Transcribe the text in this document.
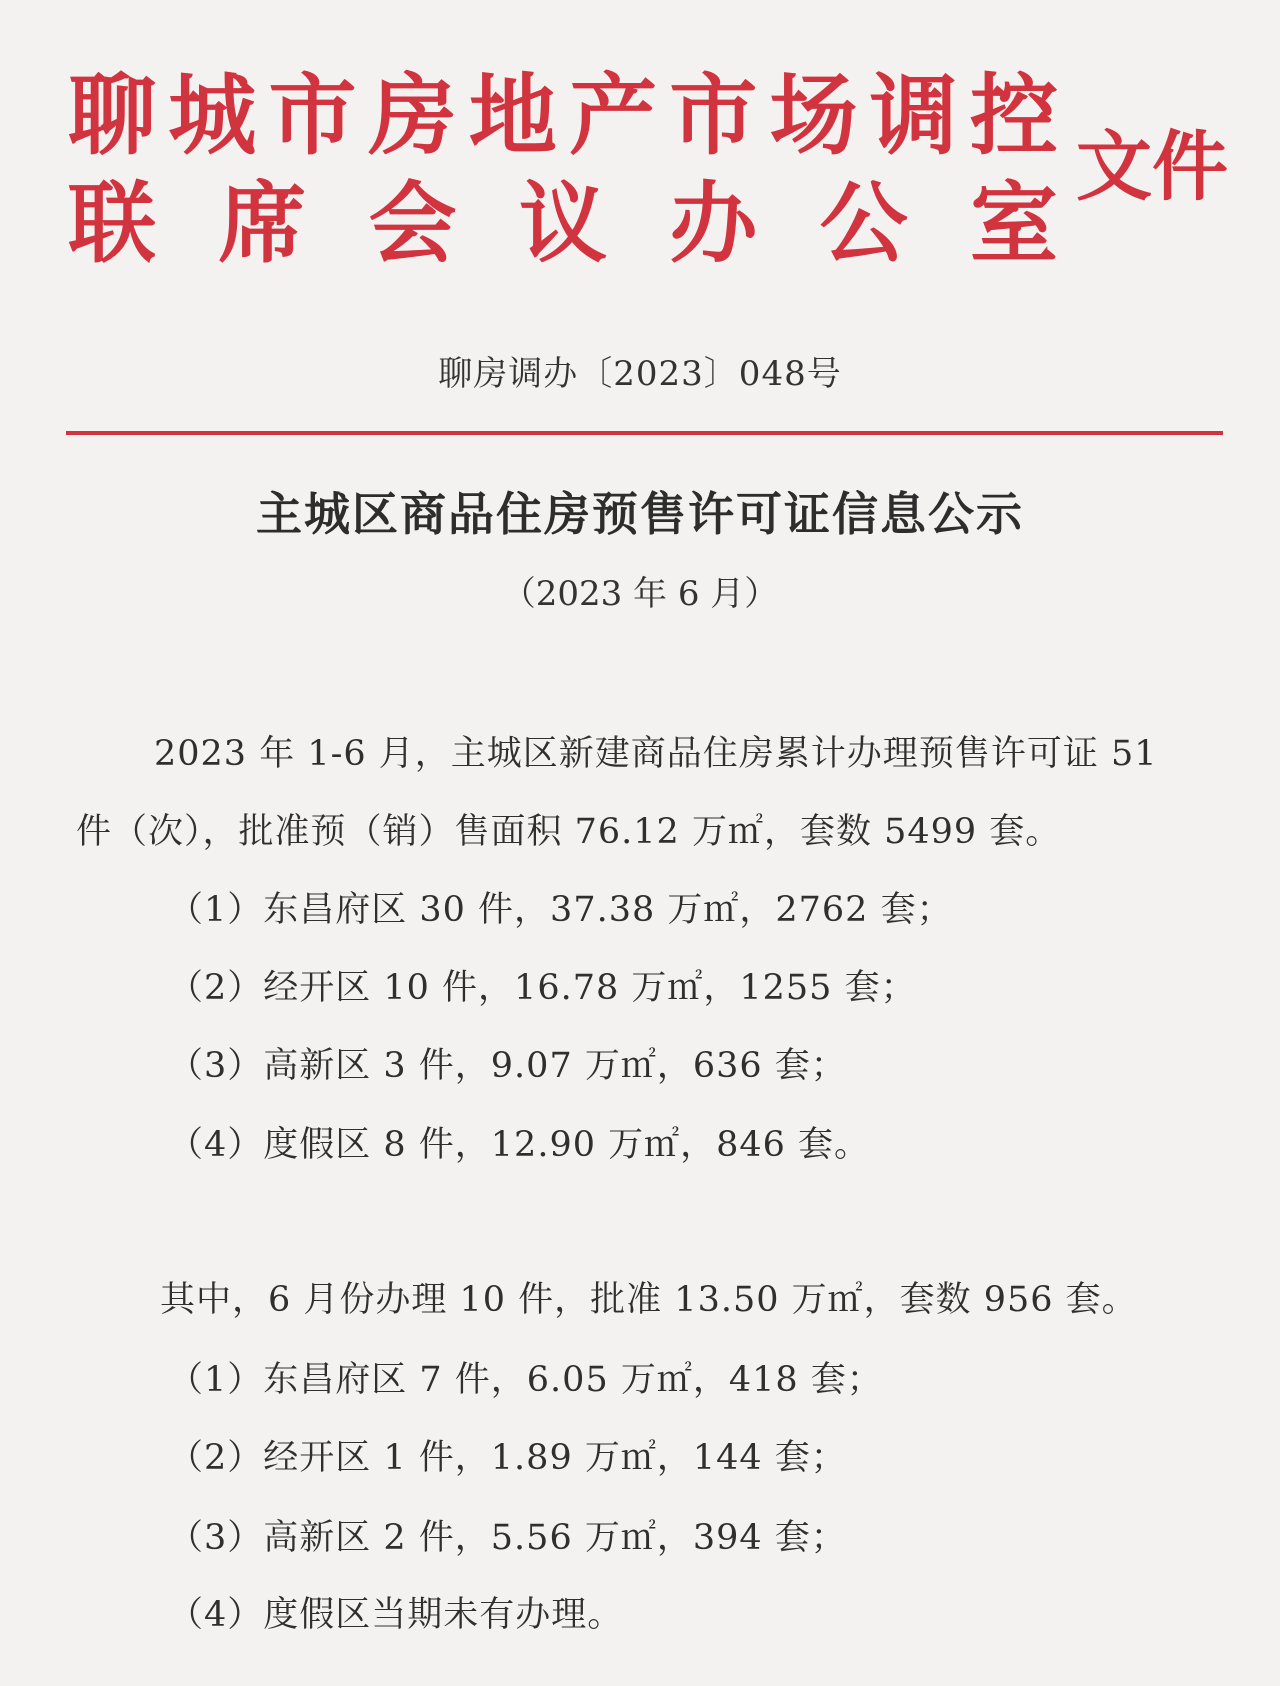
聊 城 市 房 地 产 市 场 调 控
联 席 会 议 办 公 室
文件
聊房调办〔2023〕048号
主城区商品住房预售许可证信息公示
（2023 年 6 月）
2023 年 1-6 月，主城区新建商品住房累计办理预售许可证 51
件（次），批准预（销）售面积 76.12 万㎡，套数 5499 套。
（1）东昌府区 30 件，37.38 万㎡，2762 套；
（2）经开区 10 件，16.78 万㎡，1255 套；
（3）高新区 3 件，9.07 万㎡，636 套；
（4）度假区 8 件，12.90 万㎡，846 套。
其中，6 月份办理 10 件，批准 13.50 万㎡，套数 956 套。
（1）东昌府区 7 件，6.05 万㎡，418 套；
（2）经开区 1 件，1.89 万㎡，144 套；
（3）高新区 2 件，5.56 万㎡，394 套；
（4）度假区当期未有办理。
